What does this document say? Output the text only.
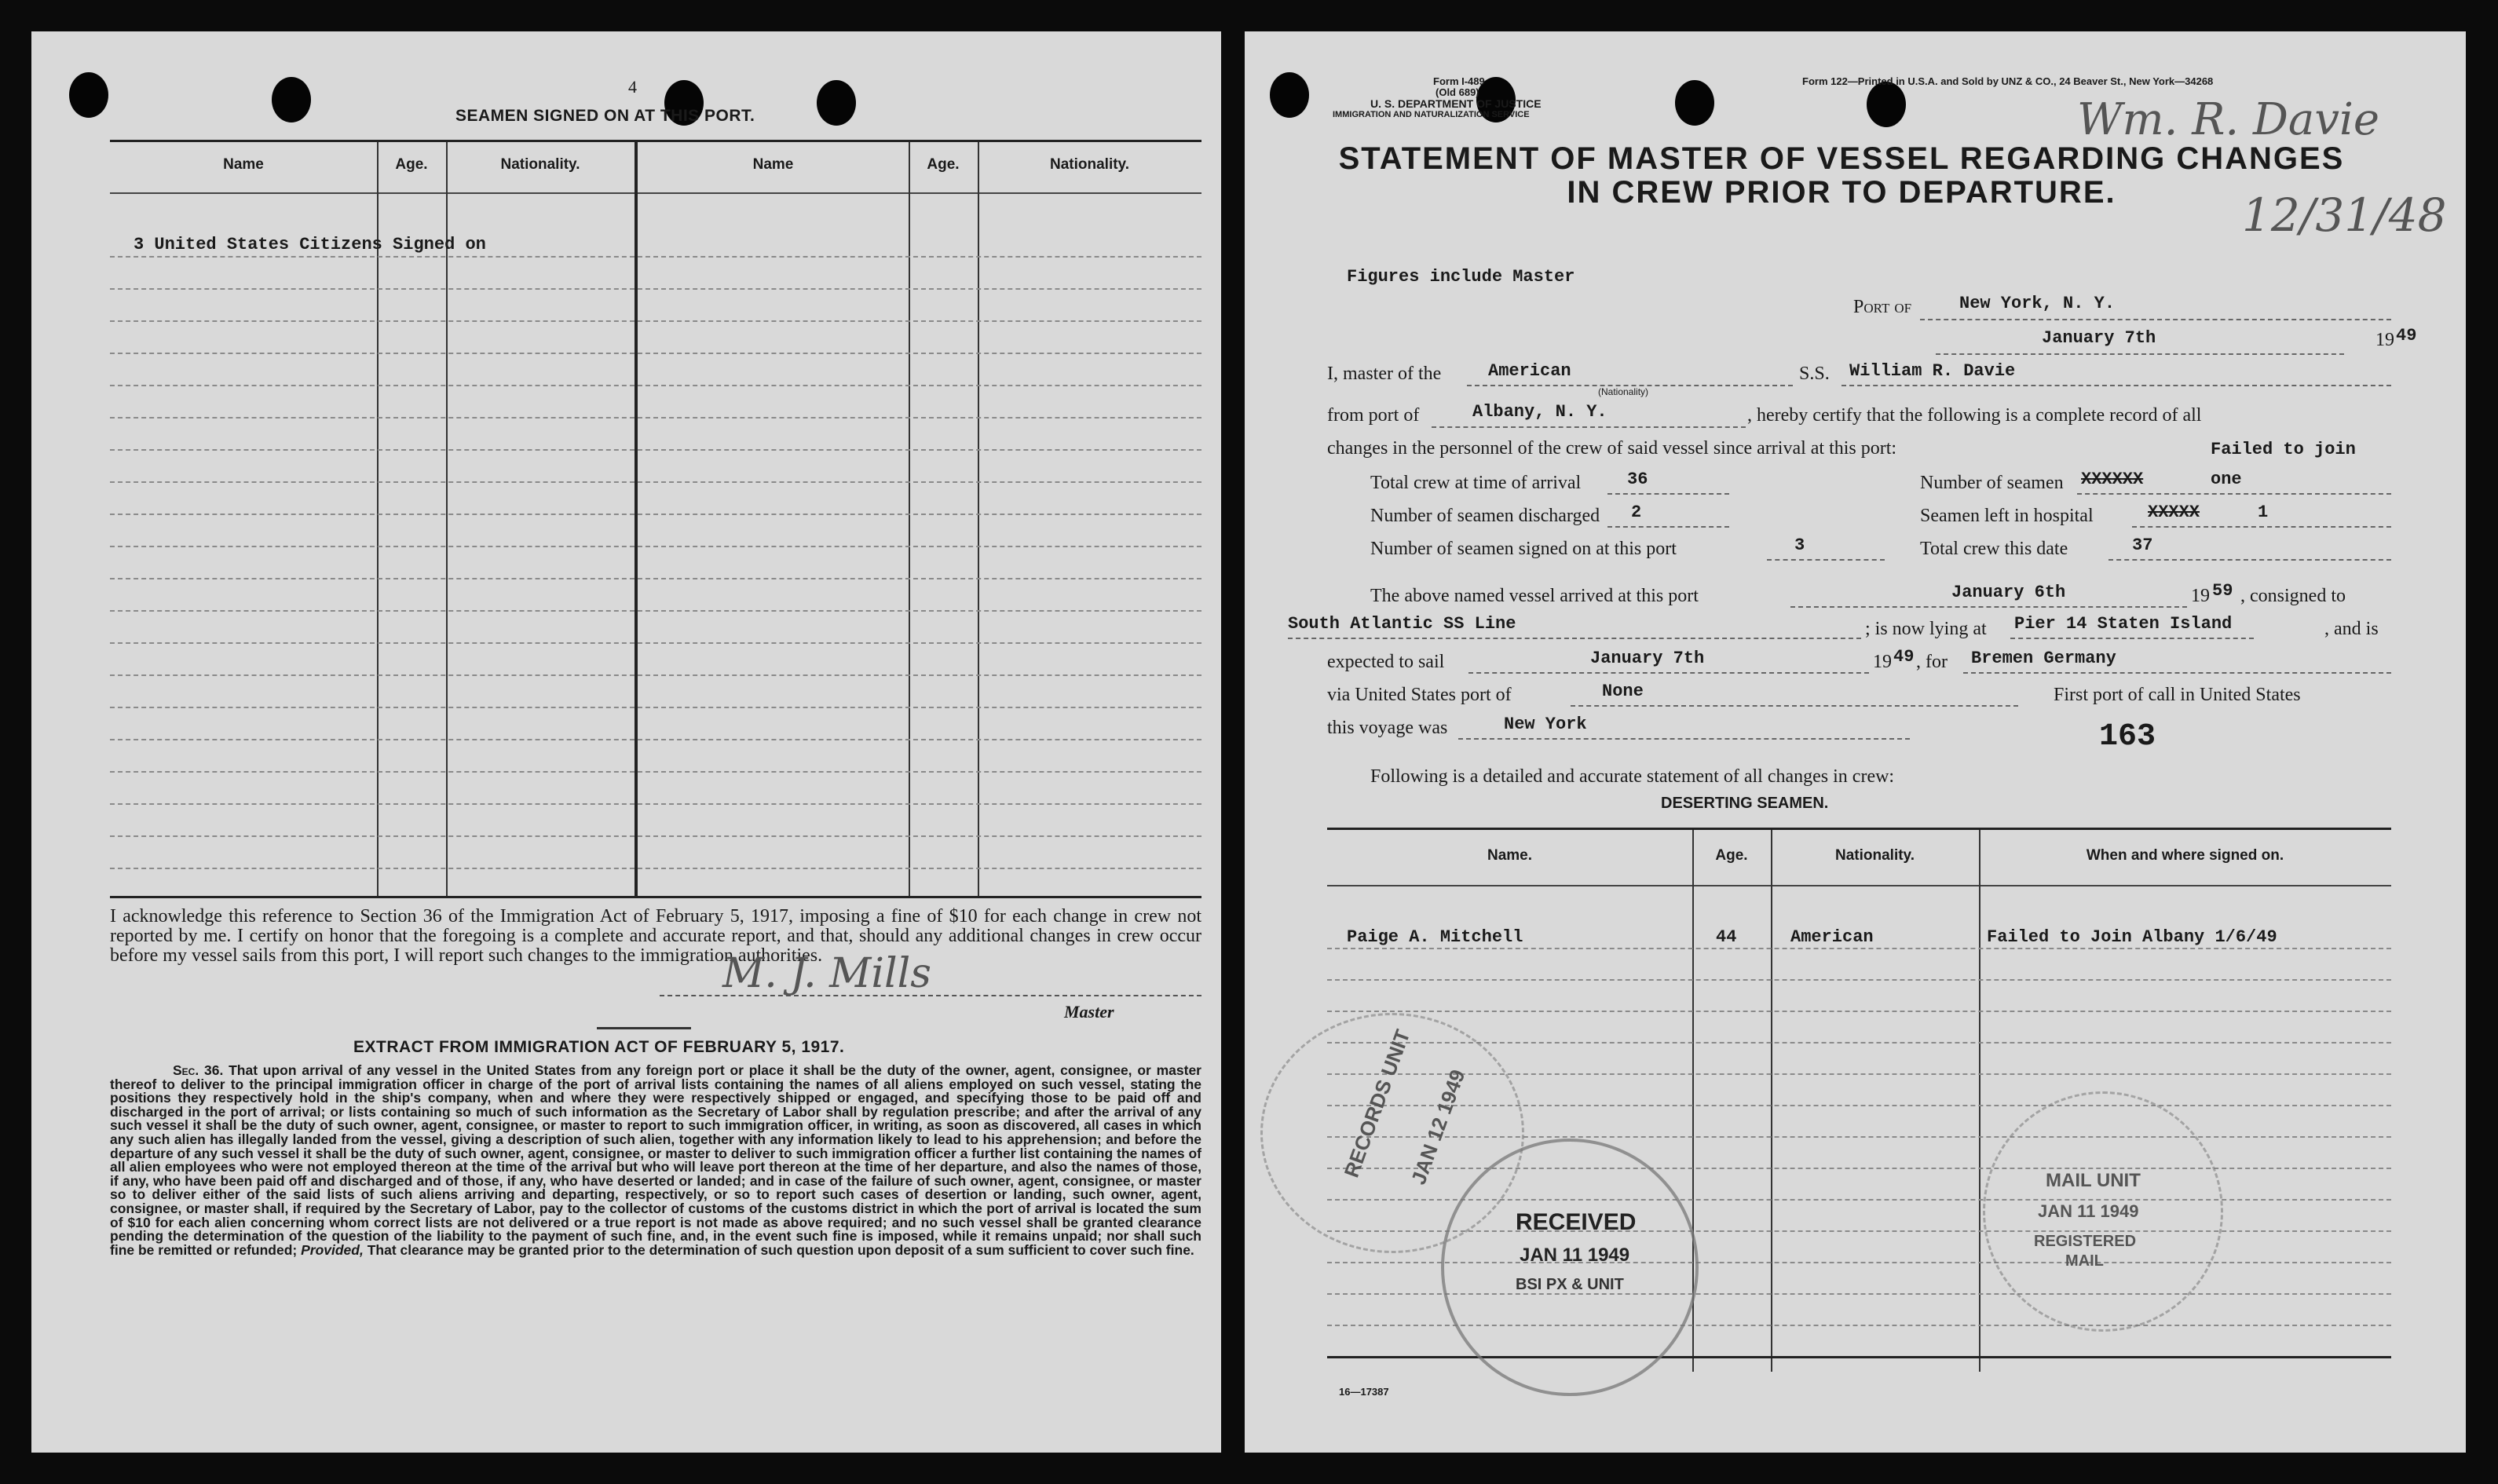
4
SEAMEN SIGNED ON AT THIS PORT.
Name	Age.	Nationality.	Name	Age.	Nationality.
3 United States Citizens Signed on
I acknowledge this reference to Section 36 of the Immigration Act of February 5, 1917, imposing a fine of $10 for each change in crew not reported by me. I certify on honor that the foregoing is a complete and accurate report, and that, should any additional changes in crew occur before my vessel sails from this port, I will report such changes to the immigration authorities.
M. J. Mills
Master
EXTRACT FROM IMMIGRATION ACT OF FEBRUARY 5, 1917.
Sec. 36. That upon arrival of any vessel in the United States from any foreign port or place it shall be the duty of the owner, agent, consignee, or master thereof to deliver to the principal immigration officer in charge of the port of arrival lists containing the names of all aliens employed on such vessel, stating the positions they respectively hold in the ship's company, when and where they were respectively shipped or engaged, and specifying those to be paid off and discharged in the port of arrival; or lists containing so much of such information as the Secretary of Labor shall by regulation prescribe; and after the arrival of any such vessel it shall be the duty of such owner, agent, consignee, or master to report to such immigration officer, in writing, as soon as discovered, all cases in which any such alien has illegally landed from the vessel, giving a description of such alien, together with any information likely to lead to his apprehension; and before the departure of any such vessel it shall be the duty of such owner, agent, consignee, or master to deliver to such immigration officer a further list containing the names of all alien employees who were not employed thereon at the time of the arrival but who will leave port thereon at the time of her departure, and also the names of those, if any, who have been paid off and discharged and of those, if any, who have deserted or landed; and in case of the failure of such owner, agent, consignee, or master so to deliver either of the said lists of such aliens arriving and departing, respectively, or so to report such cases of desertion or landing, such owner, agent, consignee, or master shall, if required by the Secretary of Labor, pay to the collector of customs of the customs district in which the port of arrival is located the sum of $10 for each alien concerning whom correct lists are not delivered or a true report is not made as above required; and no such vessel shall be granted clearance pending the determination of the question of the liability to the payment of such fine, and, in the event such fine is imposed, while it remains unpaid; nor shall such fine be remitted or refunded; Provided, That clearance may be granted prior to the determination of such question upon deposit of a sum sufficient to cover such fine.
Form I-489
(Old 689)
U. S. DEPARTMENT OF JUSTICE
IMMIGRATION AND NATURALIZATION SERVICE
Form 122—Printed in U.S.A. and Sold by UNZ & CO., 24 Beaver St., New York—34268
Wm. R. Davie
12/31/48
STATEMENT OF MASTER OF VESSEL REGARDING CHANGES
IN CREW PRIOR TO DEPARTURE.
Figures include Master
Port of	New York, N. Y.
January 7th	19 49
I, master of the	American
(Nationality)
S.S. William R. Davie
from port of	Albany, N. Y.	, hereby certify that the following is a complete record of all
changes in the personnel of the crew of said vessel since arrival at this port:	Failed to join
Total crew at time of arrival	36	Number of seamen XXXXXX	one
Number of seamen discharged 2	Seamen left in hospital	XXXXX	1
Number of seamen signed on at this port	3	Total crew this date	37
The above named vessel arrived at this port	January 6th	19 59 , consigned to
South Atlantic SS Line	; is now lying at Pier 14 Staten Island	, and is
expected to sail	January 7th	19 49 , for Bremen Germany
via United States port of	None	First port of call in United States
this voyage was	New York	163
Following is a detailed and accurate statement of all changes in crew:
DESERTING SEAMEN.
Name.	Age.	Nationality.	When and where signed on.
Paige A. Mitchell	44	American	Failed to Join Albany 1/6/49
RECORDS UNIT
JAN 12 1949
RECEIVED
JAN 11 1949
BSI PX & UNIT
MAIL UNIT
JAN 11 1949
REGISTERED
MAIL
16—17387
